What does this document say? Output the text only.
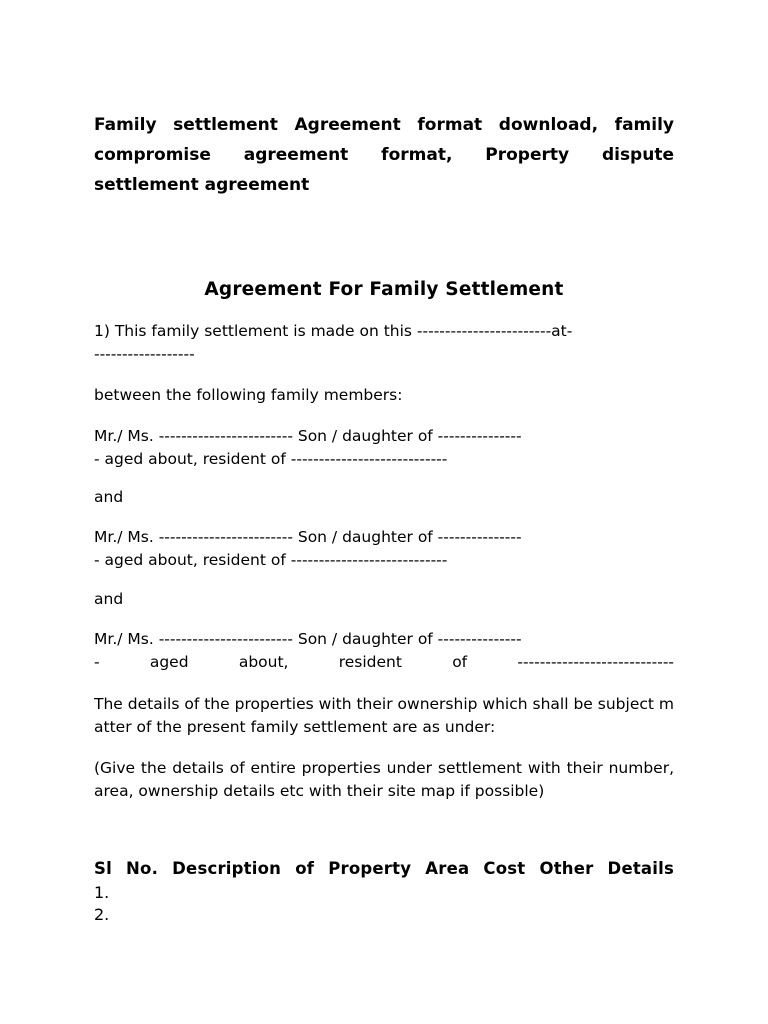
Family settlement Agreement format download, family compromise agreement format, Property dispute settlement agreement
Agreement For Family Settlement
1) This family settlement is made on this ------------------------at-
------------------
between the following family members:
Mr./ Ms. ------------------------ Son / daughter of ---------------
- aged about, resident of ----------------------------
and
Mr./ Ms. ------------------------ Son / daughter of ---------------
- aged about, resident of ----------------------------
and
Mr./ Ms. ------------------------ Son / daughter of ---------------
- aged about, resident of ----------------------------
The details of the properties with their ownership which shall be subject matter of the present family settlement are as under:
(Give the details of entire properties under settlement with their number, area, ownership details etc with their site map if possible)
Sl No. Description of Property Area Cost Other Details
1.
2.
